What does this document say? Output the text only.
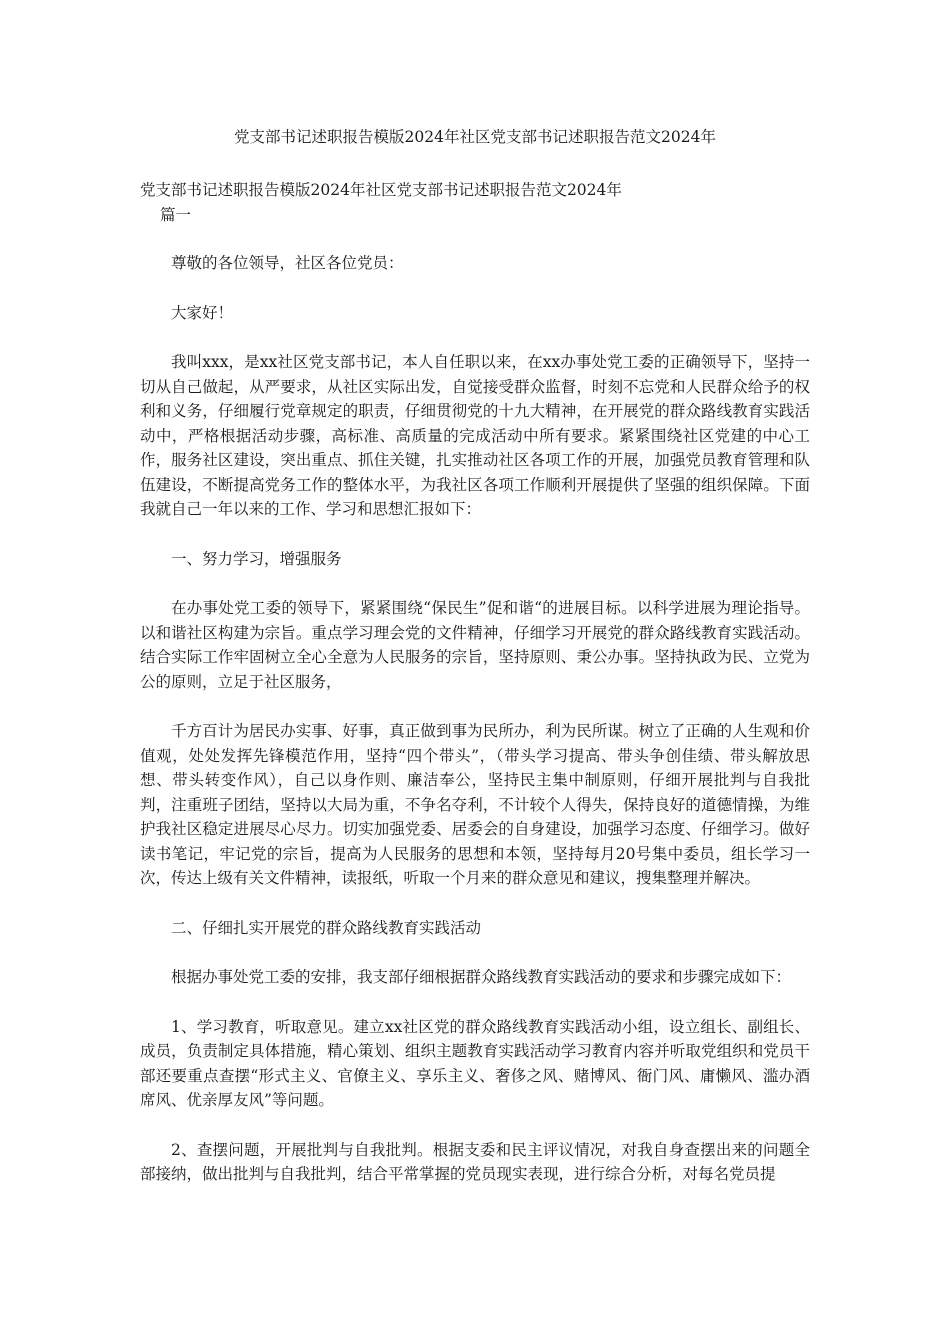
党支部书记述职报告模版2024年社区党支部书记述职报告范文2024年

党支部书记述职报告模版2024年社区党支部书记述职报告范文2024年

篇一

尊敬的各位领导，社区各位党员：

大家好！

我叫xxx，是xx社区党支部书记，本人自任职以来，在xx办事处党工委的正确领导下，坚持一切从自己做起，从严要求，从社区实际出发，自觉接受群众监督，时刻不忘党和人民群众给予的权利和义务，仔细履行党章规定的职责，仔细贯彻党的十九大精神，在开展党的群众路线教育实践活动中，严格根据活动步骤，高标准、高质量的完成活动中所有要求。紧紧围绕社区党建的中心工作，服务社区建设，突出重点、抓住关键，扎实推动社区各项工作的开展，加强党员教育管理和队伍建设，不断提高党务工作的整体水平，为我社区各项工作顺利开展提供了坚强的组织保障。下面我就自己一年以来的工作、学习和思想汇报如下：

一、努力学习，增强服务

在办事处党工委的领导下，紧紧围绕“保民生”促和谐“的进展目标。以科学进展为理论指导。以和谐社区构建为宗旨。重点学习理会党的文件精神，仔细学习开展党的群众路线教育实践活动。结合实际工作牢固树立全心全意为人民服务的宗旨，坚持原则、秉公办事。坚持执政为民、立党为公的原则，立足于社区服务，

千方百计为居民办实事、好事，真正做到事为民所办，利为民所谋。树立了正确的人生观和价值观，处处发挥先锋模范作用，坚持“四个带头”，（带头学习提高、带头争创佳绩、带头解放思想、带头转变作风），自己以身作则、廉洁奉公，坚持民主集中制原则，仔细开展批判与自我批判，注重班子团结，坚持以大局为重，不争名夺利，不计较个人得失，保持良好的道德情操，为维护我社区稳定进展尽心尽力。切实加强党委、居委会的自身建设，加强学习态度、仔细学习。做好读书笔记，牢记党的宗旨，提高为人民服务的思想和本领，坚持每月20号集中委员，组长学习一次，传达上级有关文件精神，读报纸，听取一个月来的群众意见和建议，搜集整理并解决。

二、仔细扎实开展党的群众路线教育实践活动

根据办事处党工委的安排，我支部仔细根据群众路线教育实践活动的要求和步骤完成如下：

1、学习教育，听取意见。建立xx社区党的群众路线教育实践活动小组，设立组长、副组长、成员，负责制定具体措施，精心策划、组织主题教育实践活动学习教育内容并听取党组织和党员干部还要重点查摆“形式主义、官僚主义、享乐主义、奢侈之风、赌博风、衙门风、庸懒风、滥办酒席风、优亲厚友风”等问题。

2、查摆问题，开展批判与自我批判。根据支委和民主评议情况，对我自身查摆出来的问题全部接纳，做出批判与自我批判，结合平常掌握的党员现实表现，进行综合分析，对每名党员提
